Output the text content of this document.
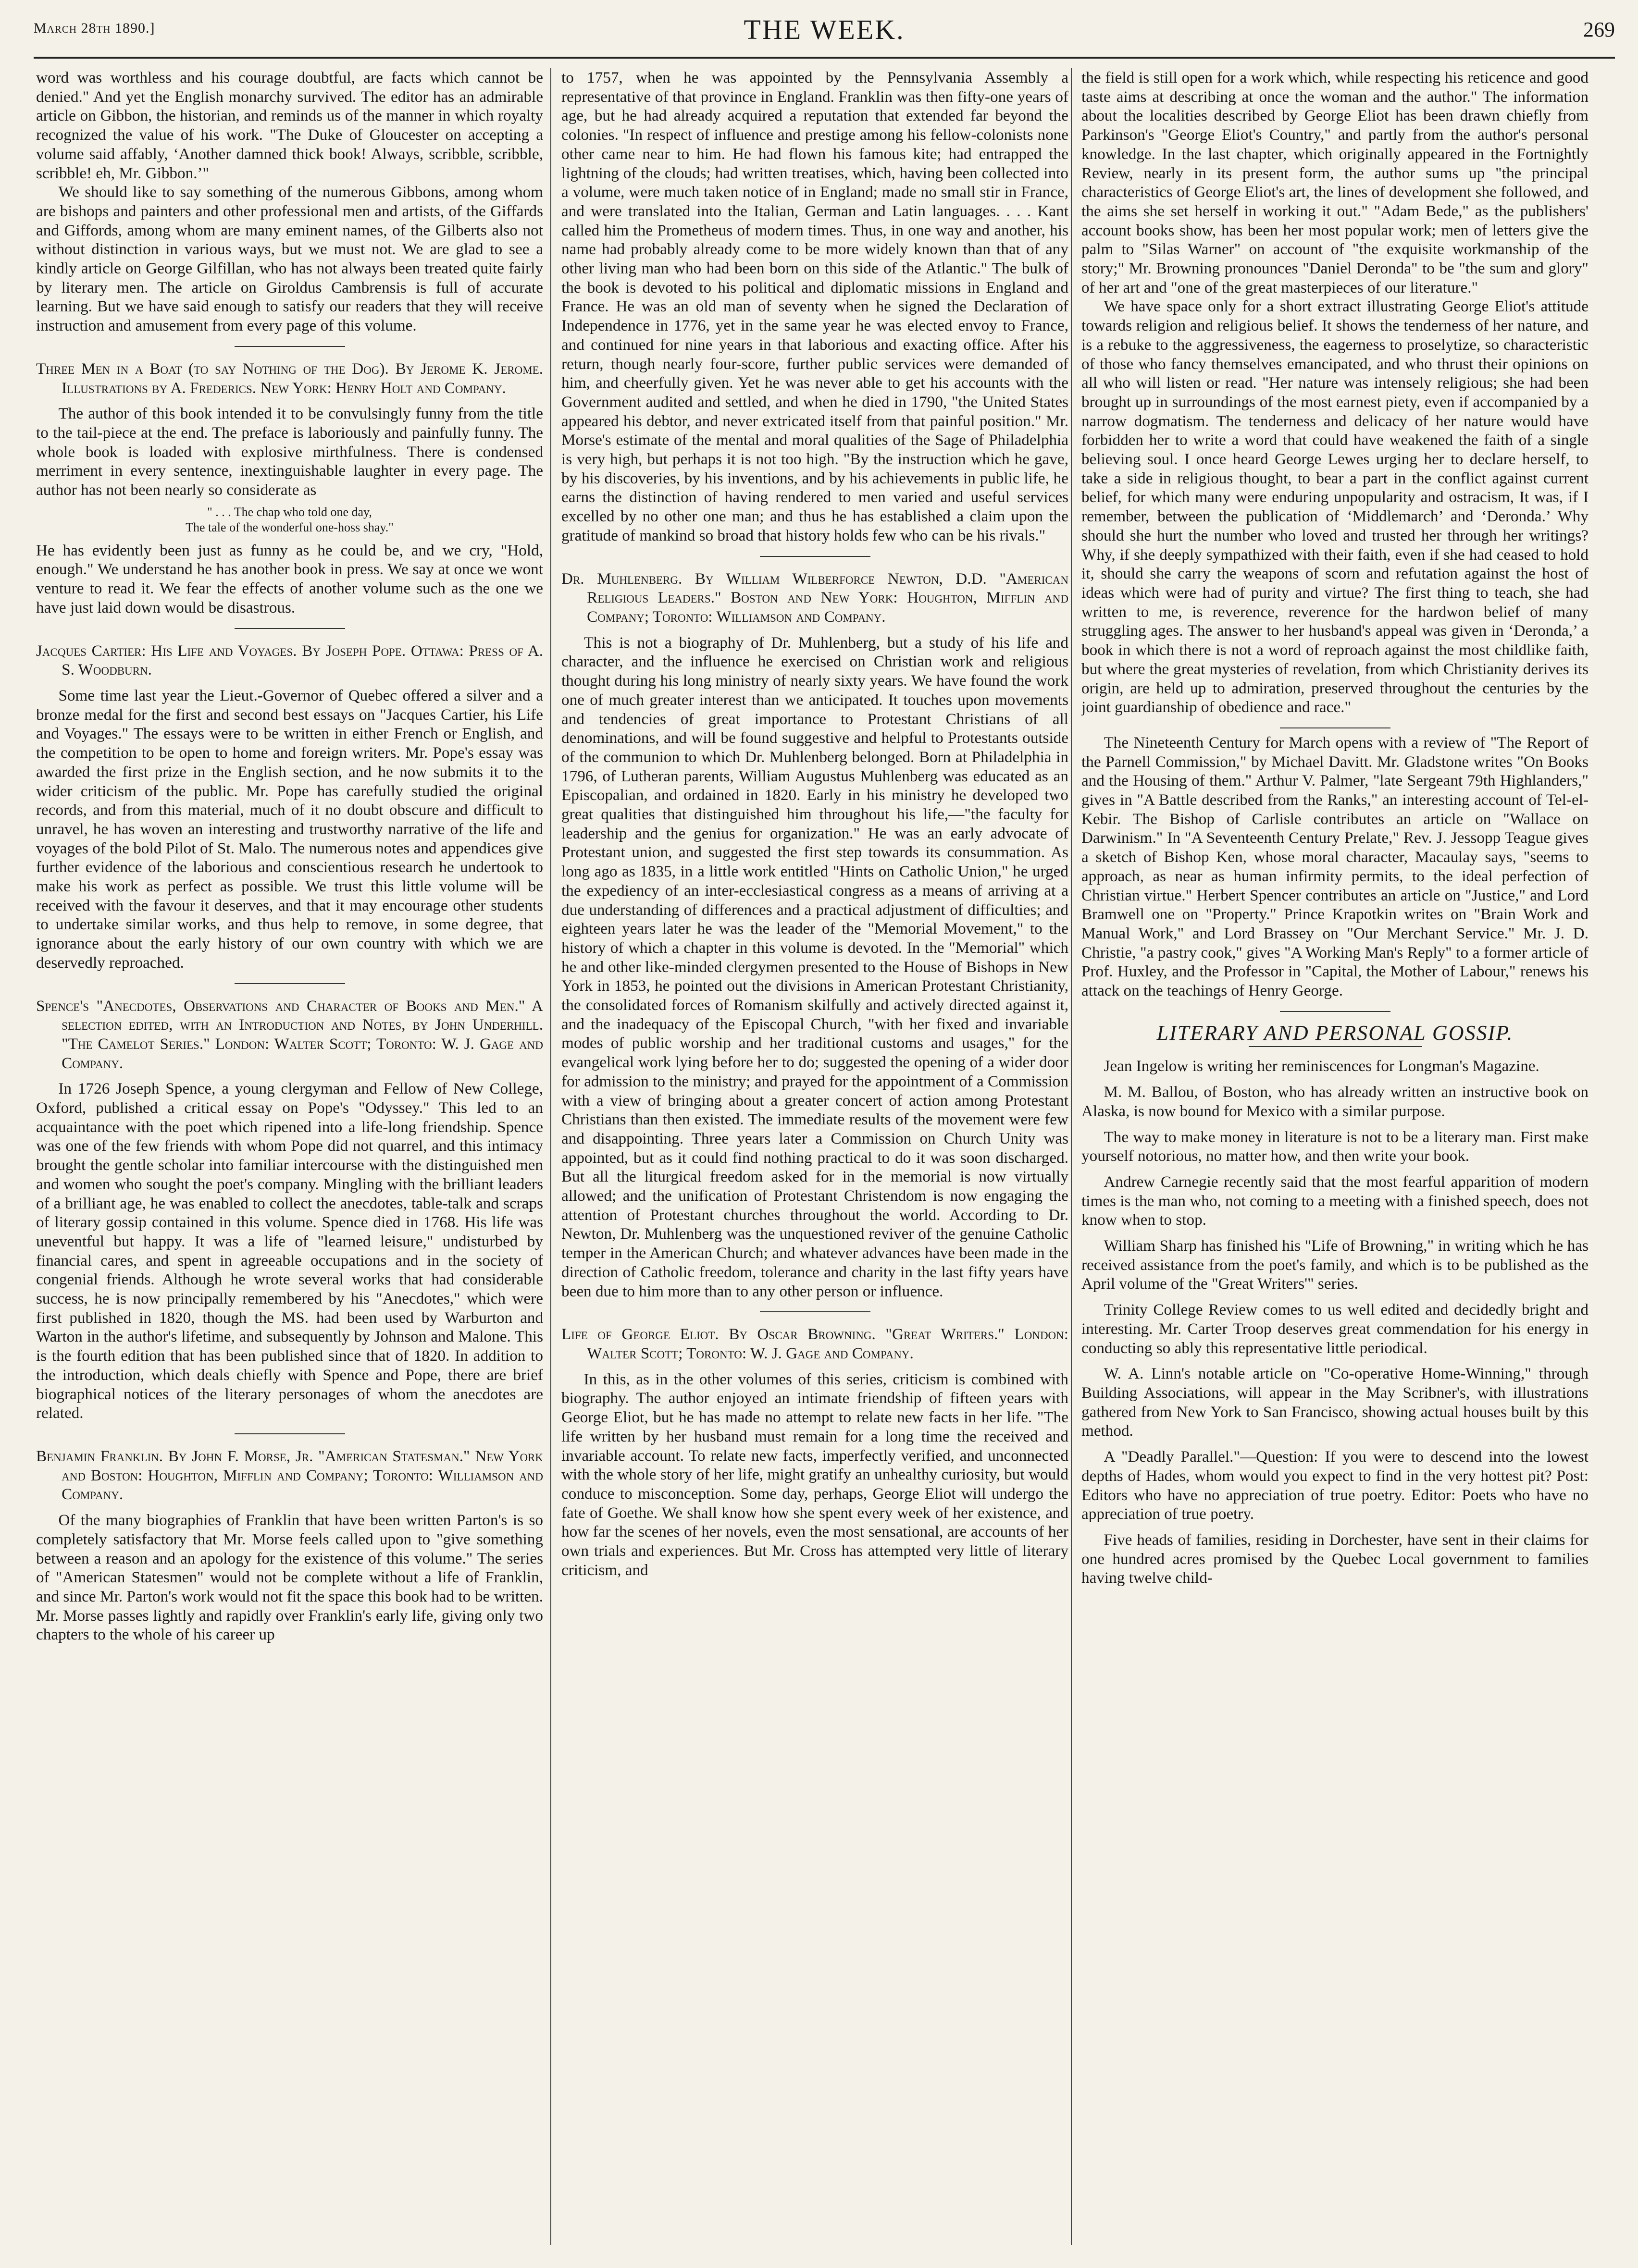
March 28th 1890.]	THE WEEK.	269

word was worthless and his courage doubtful, are facts which cannot be denied." And yet the English monarchy survived. The editor has an admirable article on Gibbon, the historian, and reminds us of the manner in which royalty recognized the value of his work. "The Duke of Gloucester on accepting a volume said affably, ‘Another damned thick book! Always, scribble, scribble, scribble! eh, Mr. Gibbon.’"

We should like to say something of the numerous Gibbons, among whom are bishops and painters and other professional men and artists, of the Giffards and Giffords, among whom are many eminent names, of the Gilberts also not without distinction in various ways, but we must not. We are glad to see a kindly article on George Gilfillan, who has not always been treated quite fairly by literary men. The article on Giroldus Cambrensis is full of accurate learning. But we have said enough to satisfy our readers that they will receive instruction and amusement from every page of this volume.

Three Men in a Boat (to say Nothing of the Dog). By Jerome K. Jerome. Illustrations by A. Frederics. New York: Henry Holt and Company.

The author of this book intended it to be convulsingly funny from the title to the tail-piece at the end. The preface is laboriously and painfully funny. The whole book is loaded with explosive mirthfulness. There is condensed merriment in every sentence, inextinguishable laughter in every page. The author has not been nearly so considerate as

" . . . The chap who told one day,
The tale of the wonderful one-hoss shay."

He has evidently been just as funny as he could be, and we cry, "Hold, enough." We understand he has another book in press. We say at once we wont venture to read it. We fear the effects of another volume such as the one we have just laid down would be disastrous.

Jacques Cartier: His Life and Voyages. By Joseph Pope. Ottawa: Press of A. S. Woodburn.

Some time last year the Lieut.-Governor of Quebec offered a silver and a bronze medal for the first and second best essays on "Jacques Cartier, his Life and Voyages." The essays were to be written in either French or English, and the competition to be open to home and foreign writers. Mr. Pope's essay was awarded the first prize in the English section, and he now submits it to the wider criticism of the public. Mr. Pope has carefully studied the original records, and from this material, much of it no doubt obscure and difficult to unravel, he has woven an interesting and trustworthy narrative of the life and voyages of the bold Pilot of St. Malo. The numerous notes and appendices give further evidence of the laborious and conscientious research he undertook to make his work as perfect as possible. We trust this little volume will be received with the favour it deserves, and that it may encourage other students to undertake similar works, and thus help to remove, in some degree, that ignorance about the early history of our own country with which we are deservedly reproached.

Spence's "Anecdotes, Observations and Character of Books and Men." A selection edited, with an Introduction and Notes, by John Underhill. "The Camelot Series." London: Walter Scott; Toronto: W. J. Gage and Company.

In 1726 Joseph Spence, a young clergyman and Fellow of New College, Oxford, published a critical essay on Pope's "Odyssey." This led to an acquaintance with the poet which ripened into a life-long friendship. Spence was one of the few friends with whom Pope did not quarrel, and this intimacy brought the gentle scholar into familiar intercourse with the distinguished men and women who sought the poet's company. Mingling with the brilliant leaders of a brilliant age, he was enabled to collect the anecdotes, table-talk and scraps of literary gossip contained in this volume. Spence died in 1768. His life was uneventful but happy. It was a life of "learned leisure," undisturbed by financial cares, and spent in agreeable occupations and in the society of congenial friends. Although he wrote several works that had considerable success, he is now principally remembered by his "Anecdotes," which were first published in 1820, though the MS. had been used by Warburton and Warton in the author's lifetime, and subsequently by Johnson and Malone. This is the fourth edition that has been published since that of 1820. In addition to the introduction, which deals chiefly with Spence and Pope, there are brief biographical notices of the literary personages of whom the anecdotes are related.

Benjamin Franklin. By John F. Morse, Jr. "American Statesman." New York and Boston: Houghton, Mifflin and Company; Toronto: Williamson and Company.

Of the many biographies of Franklin that have been written Parton's is so completely satisfactory that Mr. Morse feels called upon to "give something between a reason and an apology for the existence of this volume." The series of "American Statesmen" would not be complete without a life of Franklin, and since Mr. Parton's work would not fit the space this book had to be written. Mr. Morse passes lightly and rapidly over Franklin's early life, giving only two chapters to the whole of his career up

to 1757, when he was appointed by the Pennsylvania Assembly a representative of that province in England. Franklin was then fifty-one years of age, but he had already acquired a reputation that extended far beyond the colonies. "In respect of influence and prestige among his fellow-colonists none other came near to him. He had flown his famous kite; had entrapped the lightning of the clouds; had written treatises, which, having been collected into a volume, were much taken notice of in England; made no small stir in France, and were translated into the Italian, German and Latin languages. . . . Kant called him the Prometheus of modern times. Thus, in one way and another, his name had probably already come to be more widely known than that of any other living man who had been born on this side of the Atlantic." The bulk of the book is devoted to his political and diplomatic missions in England and France. He was an old man of seventy when he signed the Declaration of Independence in 1776, yet in the same year he was elected envoy to France, and continued for nine years in that laborious and exacting office. After his return, though nearly four-score, further public services were demanded of him, and cheerfully given. Yet he was never able to get his accounts with the Government audited and settled, and when he died in 1790, "the United States appeared his debtor, and never extricated itself from that painful position." Mr. Morse's estimate of the mental and moral qualities of the Sage of Philadelphia is very high, but perhaps it is not too high. "By the instruction which he gave, by his discoveries, by his inventions, and by his achievements in public life, he earns the distinction of having rendered to men varied and useful services excelled by no other one man; and thus he has established a claim upon the gratitude of mankind so broad that history holds few who can be his rivals."

Dr. Muhlenberg. By William Wilberforce Newton, D.D. "American Religious Leaders." Boston and New York: Houghton, Mifflin and Company; Toronto: Williamson and Company.

This is not a biography of Dr. Muhlenberg, but a study of his life and character, and the influence he exercised on Christian work and religious thought during his long ministry of nearly sixty years. We have found the work one of much greater interest than we anticipated. It touches upon movements and tendencies of great importance to Protestant Christians of all denominations, and will be found suggestive and helpful to Protestants outside of the communion to which Dr. Muhlenberg belonged. Born at Philadelphia in 1796, of Lutheran parents, William Augustus Muhlenberg was educated as an Episcopalian, and ordained in 1820. Early in his ministry he developed two great qualities that distinguished him throughout his life,—"the faculty for leadership and the genius for organization." He was an early advocate of Protestant union, and suggested the first step towards its consummation. As long ago as 1835, in a little work entitled "Hints on Catholic Union," he urged the expediency of an inter-ecclesiastical congress as a means of arriving at a due understanding of differences and a practical adjustment of difficulties; and eighteen years later he was the leader of the "Memorial Movement," to the history of which a chapter in this volume is devoted. In the "Memorial" which he and other like-minded clergymen presented to the House of Bishops in New York in 1853, he pointed out the divisions in American Protestant Christianity, the consolidated forces of Romanism skilfully and actively directed against it, and the inadequacy of the Episcopal Church, "with her fixed and invariable modes of public worship and her traditional customs and usages," for the evangelical work lying before her to do; suggested the opening of a wider door for admission to the ministry; and prayed for the appointment of a Commission with a view of bringing about a greater concert of action among Protestant Christians than then existed. The immediate results of the movement were few and disappointing. Three years later a Commission on Church Unity was appointed, but as it could find nothing practical to do it was soon discharged. But all the liturgical freedom asked for in the memorial is now virtually allowed; and the unification of Protestant Christendom is now engaging the attention of Protestant churches throughout the world. According to Dr. Newton, Dr. Muhlenberg was the unquestioned reviver of the genuine Catholic temper in the American Church; and whatever advances have been made in the direction of Catholic freedom, tolerance and charity in the last fifty years have been due to him more than to any other person or influence.

Life of George Eliot. By Oscar Browning. "Great Writers." London: Walter Scott; Toronto: W. J. Gage and Company.

In this, as in the other volumes of this series, criticism is combined with biography. The author enjoyed an intimate friendship of fifteen years with George Eliot, but he has made no attempt to relate new facts in her life. "The life written by her husband must remain for a long time the received and invariable account. To relate new facts, imperfectly verified, and unconnected with the whole story of her life, might gratify an unhealthy curiosity, but would conduce to misconception. Some day, perhaps, George Eliot will undergo the fate of Goethe. We shall know how she spent every week of her existence, and how far the scenes of her novels, even the most sensational, are accounts of her own trials and experiences. But Mr. Cross has attempted very little of literary criticism, and

the field is still open for a work which, while respecting his reticence and good taste aims at describing at once the woman and the author." The information about the localities described by George Eliot has been drawn chiefly from Parkinson's "George Eliot's Country," and partly from the author's personal knowledge. In the last chapter, which originally appeared in the Fortnightly Review, nearly in its present form, the author sums up "the principal characteristics of George Eliot's art, the lines of development she followed, and the aims she set herself in working it out." "Adam Bede," as the publishers' account books show, has been her most popular work; men of letters give the palm to "Silas Warner" on account of "the exquisite workmanship of the story;" Mr. Browning pronounces "Daniel Deronda" to be "the sum and glory" of her art and "one of the great masterpieces of our literature."

We have space only for a short extract illustrating George Eliot's attitude towards religion and religious belief. It shows the tenderness of her nature, and is a rebuke to the aggressiveness, the eagerness to proselytize, so characteristic of those who fancy themselves emancipated, and who thrust their opinions on all who will listen or read. "Her nature was intensely religious; she had been brought up in surroundings of the most earnest piety, even if accompanied by a narrow dogmatism. The tenderness and delicacy of her nature would have forbidden her to write a word that could have weakened the faith of a single believing soul. I once heard George Lewes urging her to declare herself, to take a side in religious thought, to bear a part in the conflict against current belief, for which many were enduring unpopularity and ostracism, It was, if I remember, between the publication of ‘Middlemarch’ and ‘Deronda.’ Why should she hurt the number who loved and trusted her through her writings? Why, if she deeply sympathized with their faith, even if she had ceased to hold it, should she carry the weapons of scorn and refutation against the host of ideas which were had of purity and virtue? The first thing to teach, she had written to me, is reverence, reverence for the hardwon belief of many struggling ages. The answer to her husband's appeal was given in ‘Deronda,’ a book in which there is not a word of reproach against the most childlike faith, but where the great mysteries of revelation, from which Christianity derives its origin, are held up to admiration, preserved throughout the centuries by the joint guardianship of obedience and race."

The Nineteenth Century for March opens with a review of "The Report of the Parnell Commission," by Michael Davitt. Mr. Gladstone writes "On Books and the Housing of them." Arthur V. Palmer, "late Sergeant 79th Highlanders," gives in "A Battle described from the Ranks," an interesting account of Tel-el-Kebir. The Bishop of Carlisle contributes an article on "Wallace on Darwinism." In "A Seventeenth Century Prelate," Rev. J. Jessopp Teague gives a sketch of Bishop Ken, whose moral character, Macaulay says, "seems to approach, as near as human infirmity permits, to the ideal perfection of Christian virtue." Herbert Spencer contributes an article on "Justice," and Lord Bramwell one on "Property." Prince Krapotkin writes on "Brain Work and Manual Work," and Lord Brassey on "Our Merchant Service." Mr. J. D. Christie, "a pastry cook," gives "A Working Man's Reply" to a former article of Prof. Huxley, and the Professor in "Capital, the Mother of Labour," renews his attack on the teachings of Henry George.

LITERARY AND PERSONAL GOSSIP.

Jean Ingelow is writing her reminiscences for Longman's Magazine.

M. M. Ballou, of Boston, who has already written an instructive book on Alaska, is now bound for Mexico with a similar purpose.

The way to make money in literature is not to be a literary man. First make yourself notorious, no matter how, and then write your book.

Andrew Carnegie recently said that the most fearful apparition of modern times is the man who, not coming to a meeting with a finished speech, does not know when to stop.

William Sharp has finished his "Life of Browning," in writing which he has received assistance from the poet's family, and which is to be published as the April volume of the "Great Writers'" series.

Trinity College Review comes to us well edited and decidedly bright and interesting. Mr. Carter Troop deserves great commendation for his energy in conducting so ably this representative little periodical.

W. A. Linn's notable article on "Co-operative Home-Winning," through Building Associations, will appear in the May Scribner's, with illustrations gathered from New York to San Francisco, showing actual houses built by this method.

A "Deadly Parallel."—Question: If you were to descend into the lowest depths of Hades, whom would you expect to find in the very hottest pit? Post: Editors who have no appreciation of true poetry. Editor: Poets who have no appreciation of true poetry.

Five heads of families, residing in Dorchester, have sent in their claims for one hundred acres promised by the Quebec Local government to families having twelve child-
